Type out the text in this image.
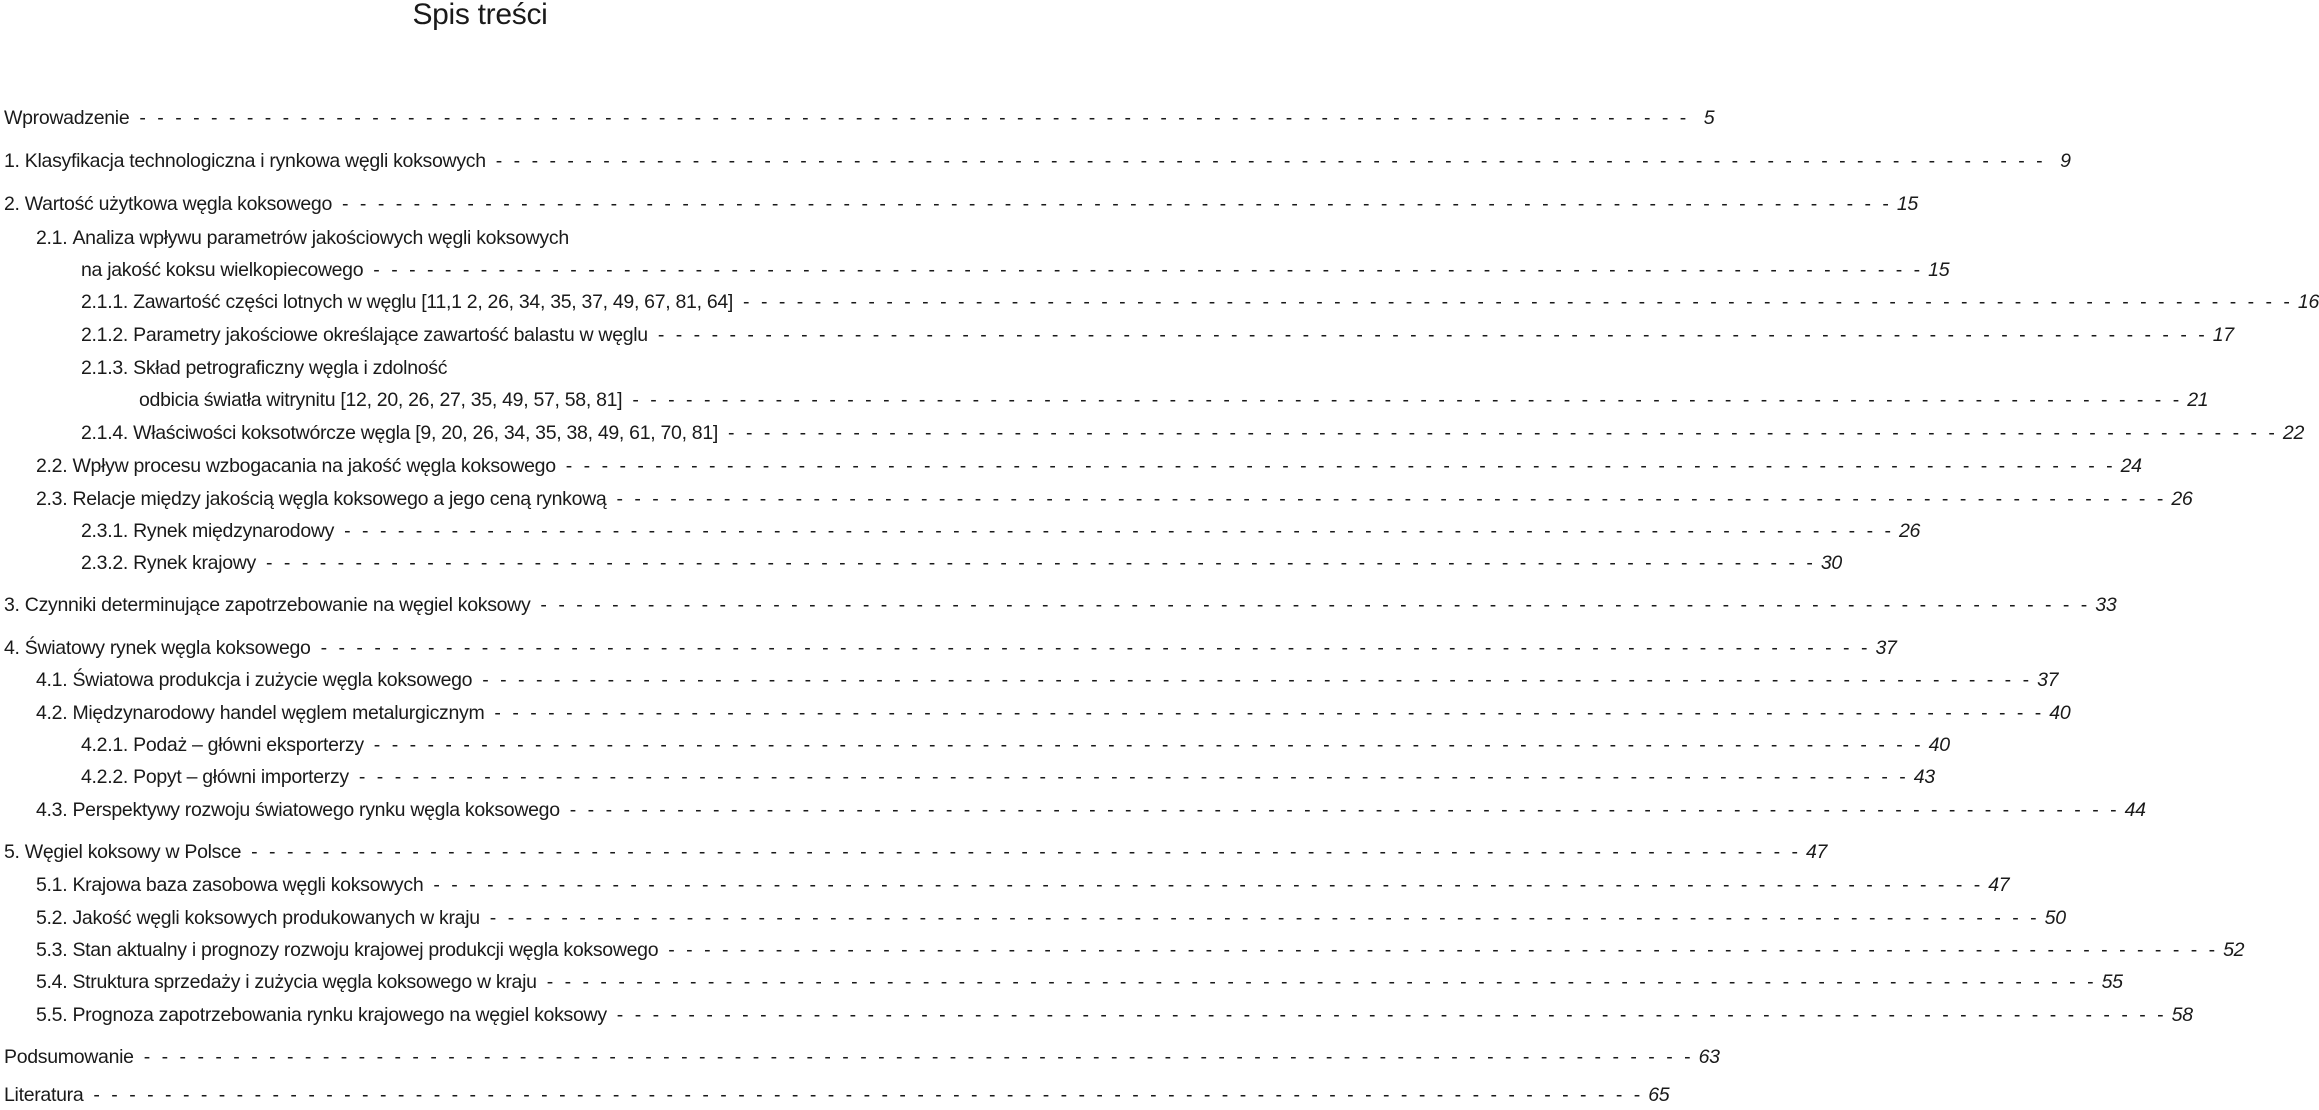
Spis treści
Wprowadzenie - - -	5
1. Klasyfikacja technologiczna i rynkowa węgli koksowych - - -	9
2. Wartość użytkowa węgla koksowego - - -	15
2.1. Analiza wpływu parametrów jakościowych węgli koksowych
na jakość koksu wielkopiecowego - - -	15
2.1.1. Zawartość części lotnych w węglu [11,1 2, 26, 34, 35, 37, 49, 67, 81, 64] - - -	16
2.1.2. Parametry jakościowe określające zawartość balastu w węglu - - -	17
2.1.3. Skład petrograficzny węgla i zdolność
odbicia światła witrynitu [12, 20, 26, 27, 35, 49, 57, 58, 81] - - -	21
2.1.4. Właściwości koksotwórcze węgla [9, 20, 26, 34, 35, 38, 49, 61, 70, 81] - - -	22
2.2. Wpływ procesu wzbogacania na jakość węgla koksowego - - -	24
2.3. Relacje między jakością węgla koksowego a jego ceną rynkową - - -	26
2.3.1. Rynek międzynarodowy - - -	26
2.3.2. Rynek krajowy - - -	30
3. Czynniki determinujące zapotrzebowanie na węgiel koksowy - - -	33
4. Światowy rynek węgla koksowego - - -	37
4.1. Światowa produkcja i zużycie węgla koksowego - - -	37
4.2. Międzynarodowy handel węglem metalurgicznym - - -	40
4.2.1. Podaż – główni eksporterzy - - -	40
4.2.2. Popyt – główni importerzy - - -	43
4.3. Perspektywy rozwoju światowego rynku węgla koksowego - - -	44
5. Węgiel koksowy w Polsce - - -	47
5.1. Krajowa baza zasobowa węgli koksowych - - -	47
5.2. Jakość węgli koksowych produkowanych w kraju - - -	50
5.3. Stan aktualny i prognozy rozwoju krajowej produkcji węgla koksowego - - -	52
5.4. Struktura sprzedaży i zużycia węgla koksowego w kraju - - -	55
5.5. Prognoza zapotrzebowania rynku krajowego na węgiel koksowy - - -	58
Podsumowanie - - -	63
Literatura - - -	65
